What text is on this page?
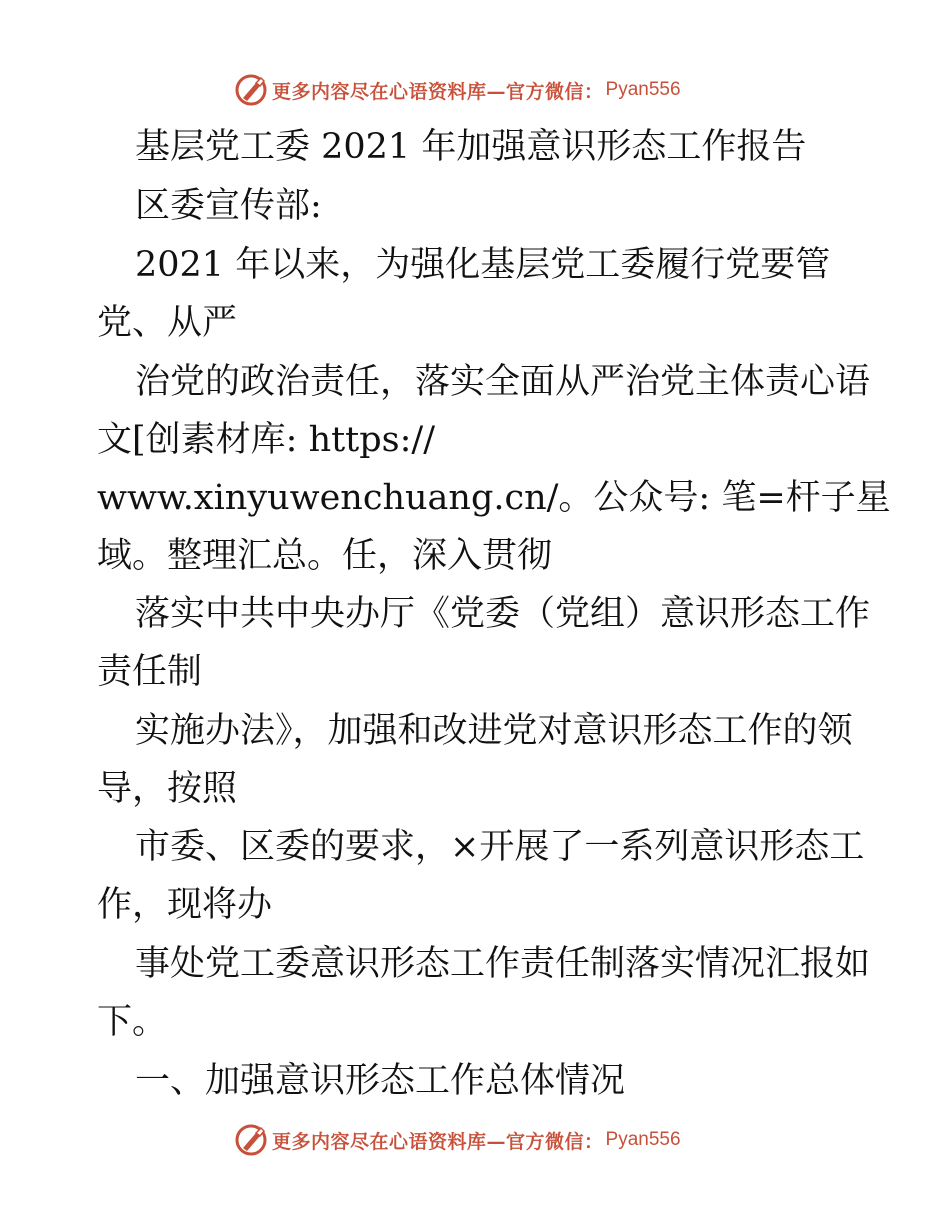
更多内容尽在心语资料库—官方微信： Pyan556
基层党工委 2021 年加强意识形态工作报告
区委宣传部:
2021 年以来，为强化基层党工委履行党要管
党、从严
治党的政治责任，落实全面从严治党主体责心语
文[创素材库: https://
www.xinyuwenchuang.cn/。公众号: 笔=杆子星
域。整理汇总。任，深入贯彻
落实中共中央办厅《党委（党组）意识形态工作
责任制
实施办法》，加强和改进党对意识形态工作的领
导，按照
市委、区委的要求，×开展了一系列意识形态工
作，现将办
事处党工委意识形态工作责任制落实情况汇报如
下。
一、加强意识形态工作总体情况
更多内容尽在心语资料库—官方微信： Pyan556
